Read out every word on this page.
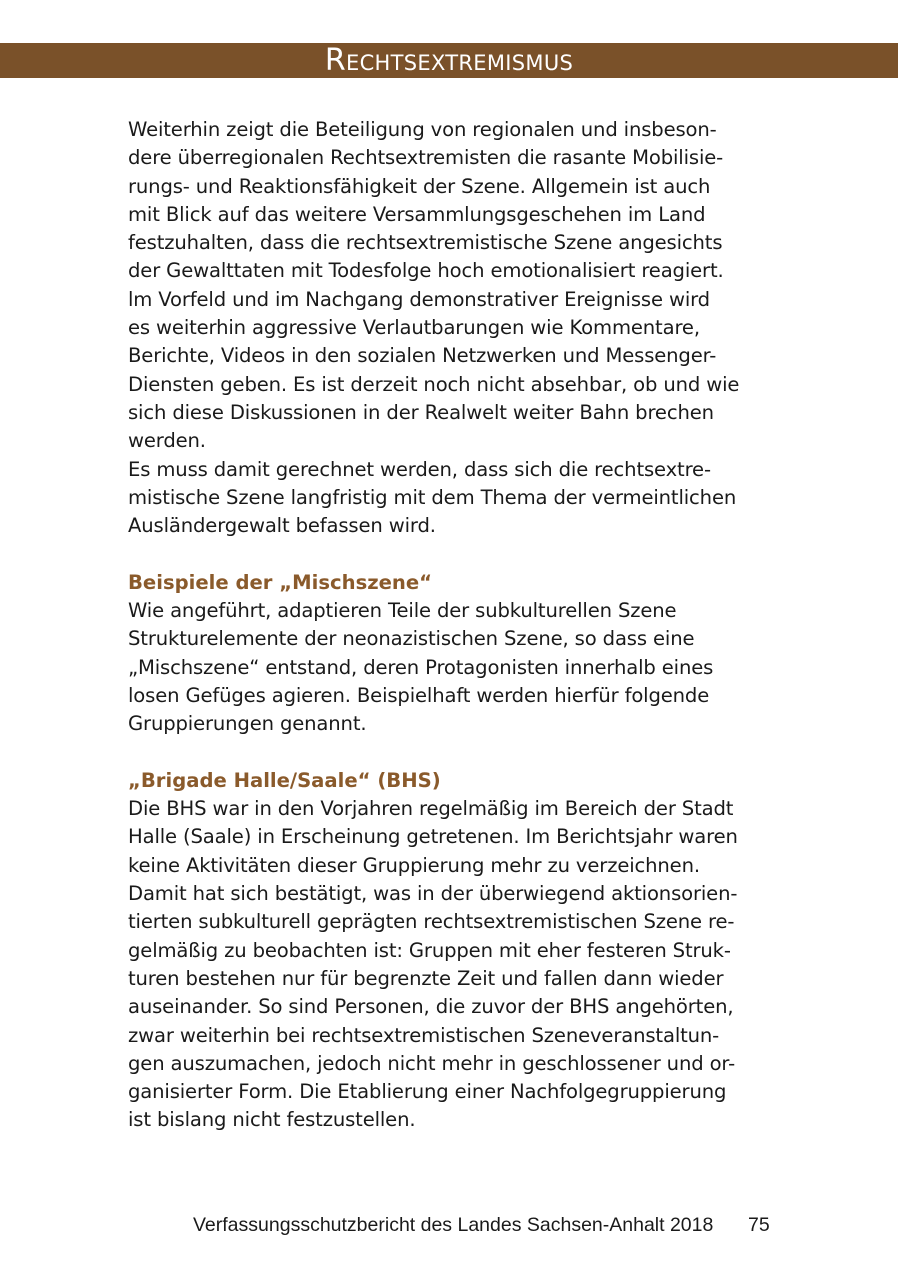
Rechtsextremismus

Weiterhin zeigt die Beteiligung von regionalen und insbeson-
dere überregionalen Rechtsextremisten die rasante Mobilisie-
rungs- und Reaktionsfähigkeit der Szene. Allgemein ist auch
mit Blick auf das weitere Versammlungsgeschehen im Land
festzuhalten, dass die rechtsextremistische Szene angesichts
der Gewalttaten mit Todesfolge hoch emotionalisiert reagiert.
lm Vorfeld und im Nachgang demonstrativer Ereignisse wird
es weiterhin aggressive Verlautbarungen wie Kommentare,
Berichte, Videos in den sozialen Netzwerken und Messenger-
Diensten geben. Es ist derzeit noch nicht absehbar, ob und wie
sich diese Diskussionen in der Realwelt weiter Bahn brechen
werden.

Es muss damit gerechnet werden, dass sich die rechtsextre-
mistische Szene langfristig mit dem Thema der vermeintlichen
Ausländergewalt befassen wird.

Beispiele der „Mischszene“

Wie angeführt, adaptieren Teile der subkulturellen Szene
Strukturelemente der neonazistischen Szene, so dass eine
„Mischszene“ entstand, deren Protagonisten innerhalb eines
losen Gefüges agieren. Beispielhaft werden hierfür folgende
Gruppierungen genannt.

„Brigade Halle/Saale“ (BHS)

Die BHS war in den Vorjahren regelmäßig im Bereich der Stadt
Halle (Saale) in Erscheinung getretenen. Im Berichtsjahr waren
keine Aktivitäten dieser Gruppierung mehr zu verzeichnen.
Damit hat sich bestätigt, was in der überwiegend aktionsorien-
tierten subkulturell geprägten rechtsextremistischen Szene re-
gelmäßig zu beobachten ist: Gruppen mit eher festeren Struk-
turen bestehen nur für begrenzte Zeit und fallen dann wieder
auseinander. So sind Personen, die zuvor der BHS angehörten,
zwar weiterhin bei rechtsextremistischen Szeneveranstaltun-
gen auszumachen, jedoch nicht mehr in geschlossener und or-
ganisierter Form. Die Etablierung einer Nachfolgegruppierung
ist bislang nicht festzustellen.

Verfassungsschutzbericht des Landes Sachsen-Anhalt 2018 75
